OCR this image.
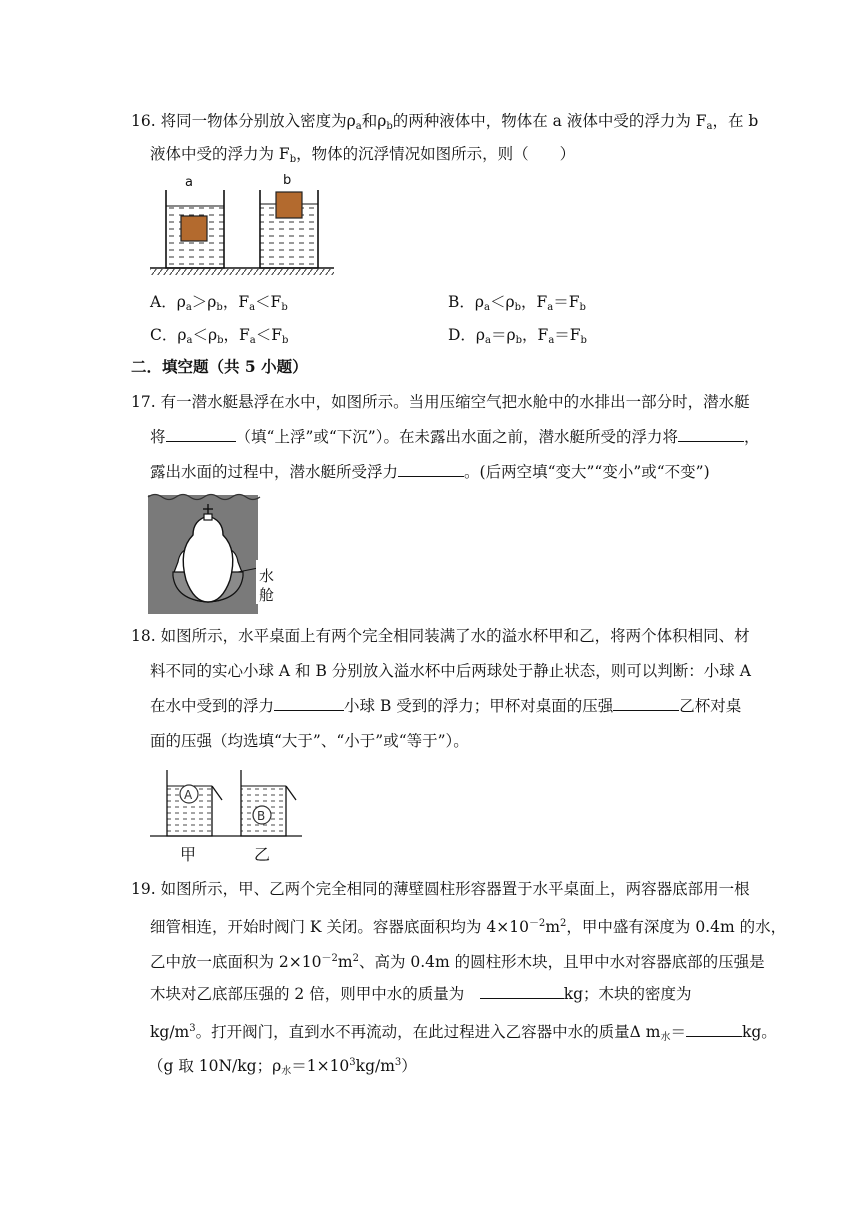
16. 将同一物体分别放入密度为$\rho_a$和$\rho_b$的两种液体中，物体在 a 液体中受的浮力为 $F_a$，在 b
液体中受的浮力为 $F_b$，物体的沉浮情况如图所示，则（　　）
a	b
A．$\rho_a>\rho_b$，$F_a<F_b$	B．$\rho_a<\rho_b$，$F_a=F_b$
C．$\rho_a<\rho_b$，$F_a<F_b$	D．$\rho_a=\rho_b$，$F_a=F_b$
二．填空题（共 5 小题）
17. 有一潜水艇悬浮在水中，如图所示。当用压缩空气把水舱中的水排出一部分时，潜水艇
将	（填“上浮”或“下沉”）。在未露出水面之前，潜水艇所受的浮力将	，
露出水面的过程中，潜水艇所受浮力	。(后两空填“变大”“变小”或“不变”)
水
舱
18. 如图所示，水平桌面上有两个完全相同装满了水的溢水杯甲和乙，将两个体积相同、材
料不同的实心小球 A 和 B 分别放入溢水杯中后两球处于静止状态，则可以判断：小球 A
在水中受到的浮力	小球 B 受到的浮力；甲杯对桌面的压强	乙杯对桌
面的压强（均选填“大于”、“小于”或“等于”）。
A
B
甲	乙
19. 如图所示，甲、乙两个完全相同的薄壁圆柱形容器置于水平桌面上，两容器底部用一根
细管相连，开始时阀门 K 关闭。容器底面积均为 $4\times 10^{-2}m^2$，甲中盛有深度为 0.4m 的水，
乙中放一底面积为 $2\times 10^{-2}m^2$、高为 0.4m 的圆柱形木块，且甲中水对容器底部的压强是
木块对乙底部压强的 2 倍，则甲中水的质量为 	kg；木块的密度为
$kg/m^3$。打开阀门，直到水不再流动，在此过程进入乙容器中水的质量Δ $m_水=$	kg。
（g 取 10N/kg；$\rho_水=1\times 10^3kg/m^3$）
